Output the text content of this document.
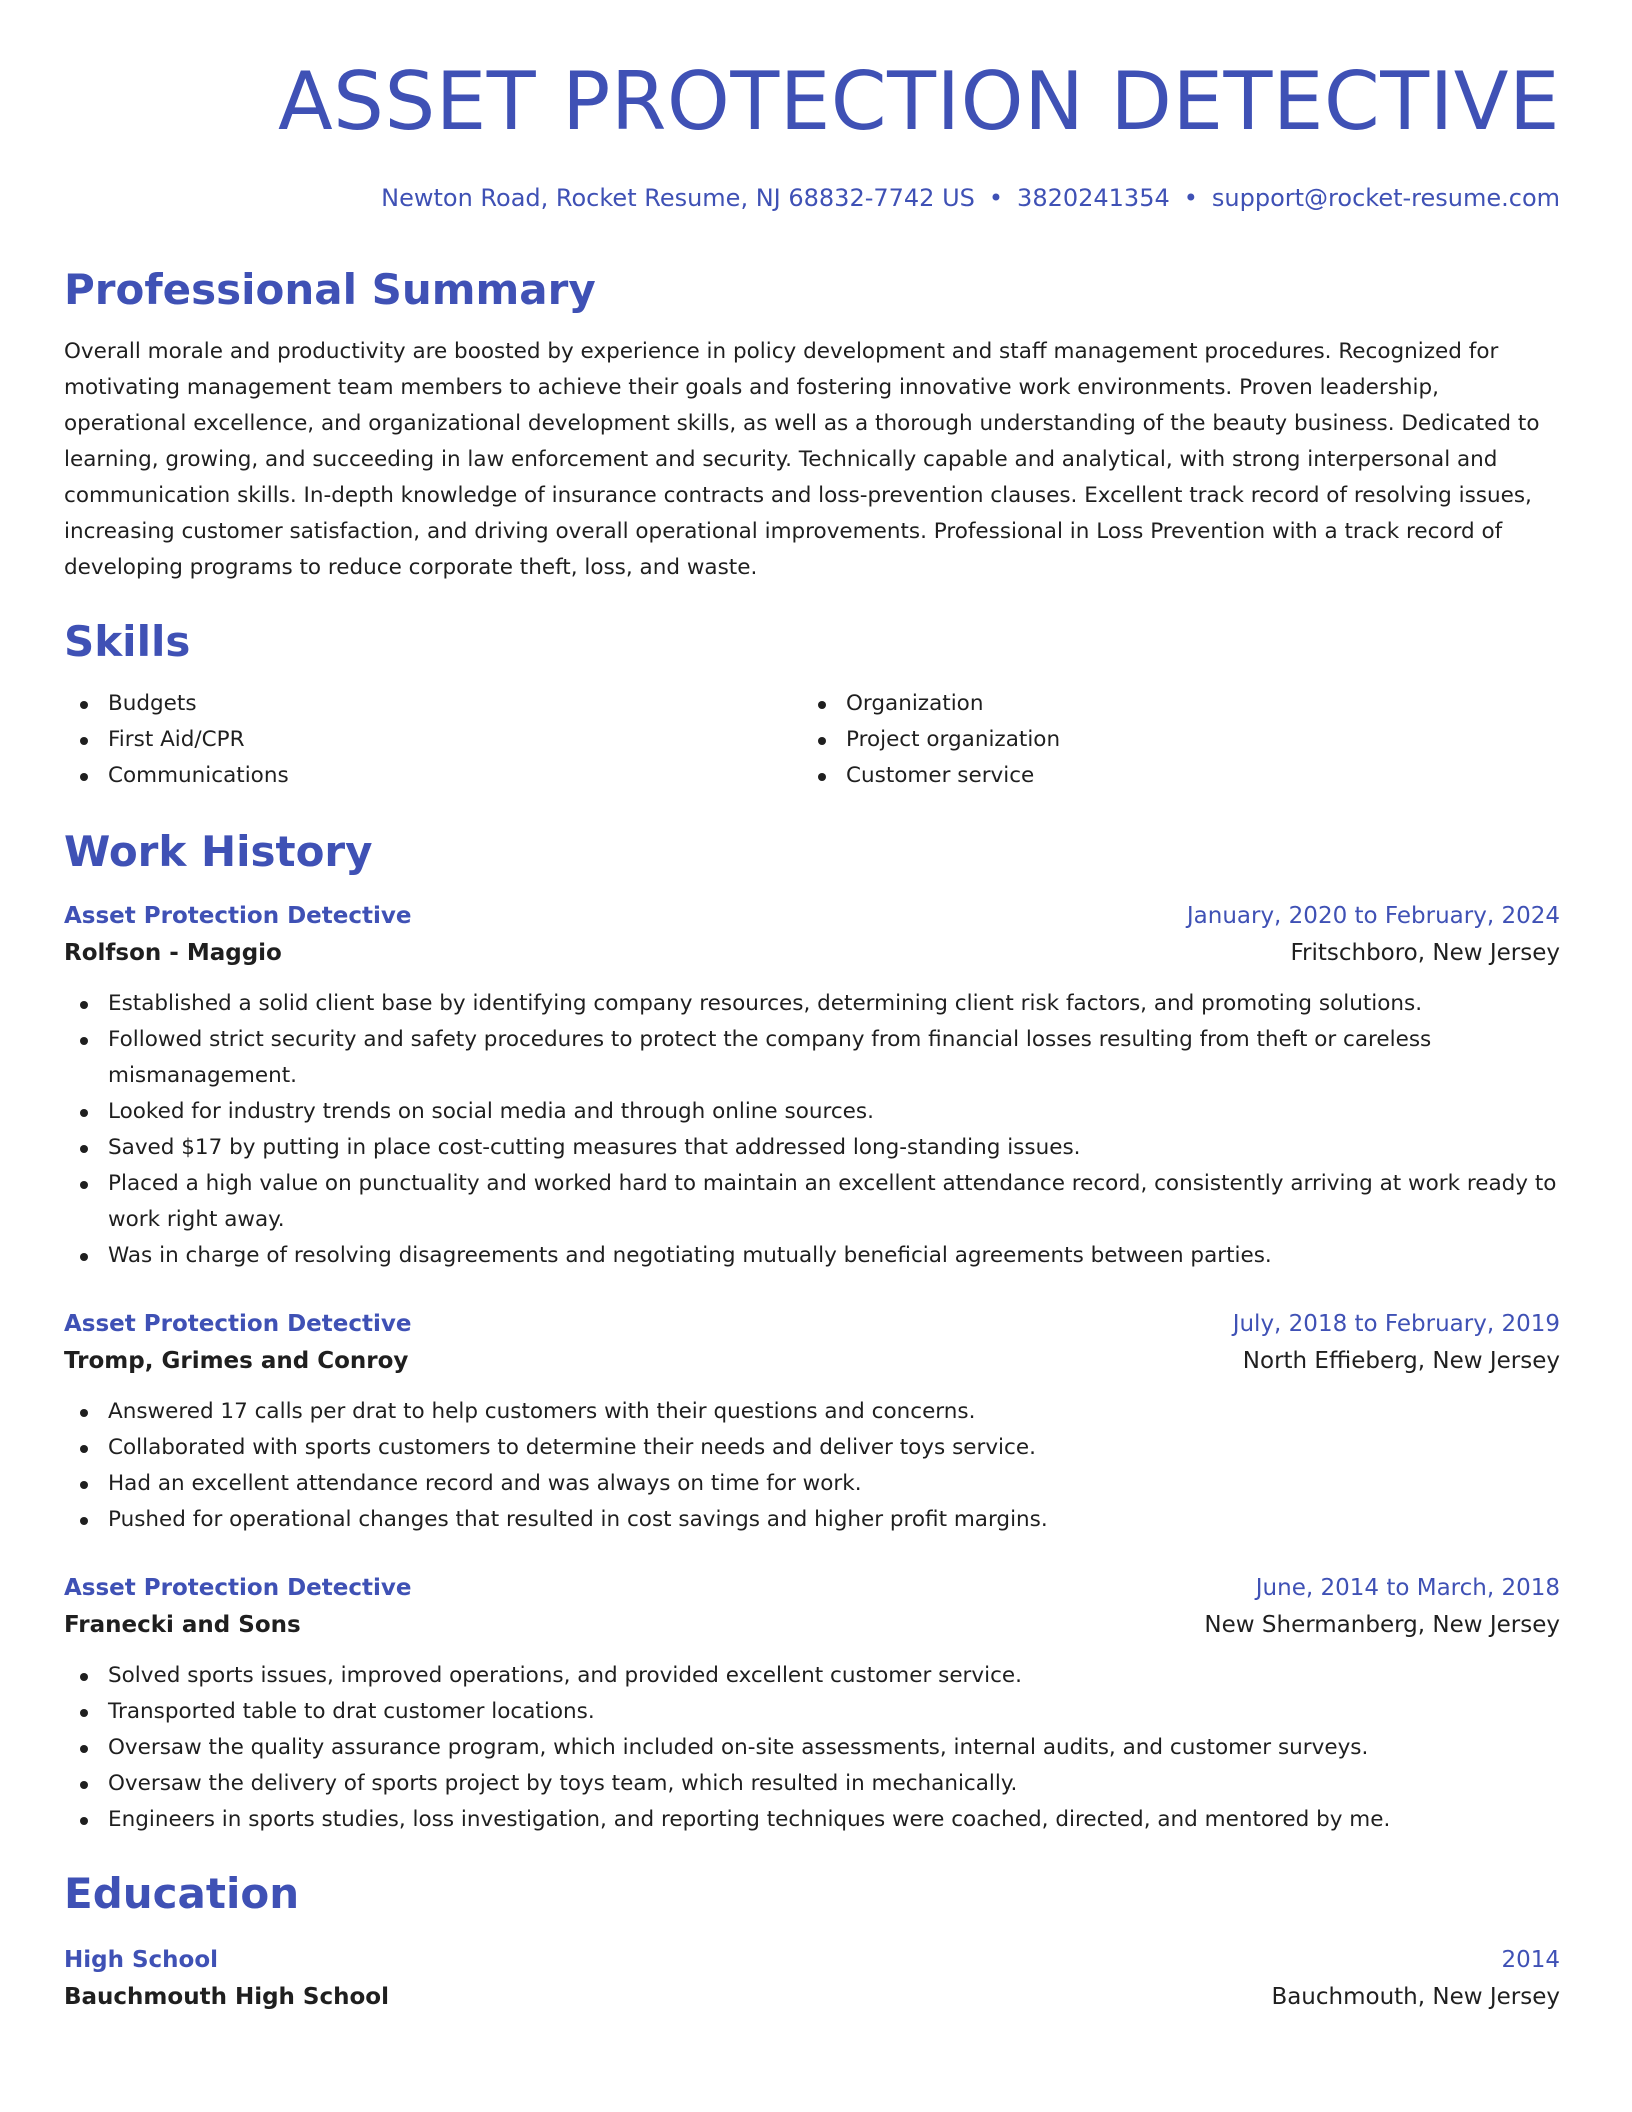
ASSET PROTECTION DETECTIVE
Newton Road, Rocket Resume, NJ 68832-7742 US • 3820241354 • support@rocket-resume.com
Professional Summary

Overall morale and productivity are boosted by experience in policy development and staff management procedures. Recognized for motivating management team members to achieve their goals and fostering innovative work environments. Proven leadership, operational excellence, and organizational development skills, as well as a thorough understanding of the beauty business. Dedicated to learning, growing, and succeeding in law enforcement and security. Technically capable and analytical, with strong interpersonal and communication skills. In-depth knowledge of insurance contracts and loss-prevention clauses. Excellent track record of resolving issues, increasing customer satisfaction, and driving overall operational improvements. Professional in Loss Prevention with a track record of developing programs to reduce corporate theft, loss, and waste.

Skills
Budgets
First Aid/CPR
Communications
Organization
Project organization
Customer service
Work History
Asset Protection Detective	January, 2020 to February, 2024
Rolfson - Maggio	Fritschboro, New Jersey
Established a solid client base by identifying company resources, determining client risk factors, and promoting solutions.
Followed strict security and safety procedures to protect the company from financial losses resulting from theft or careless mismanagement.
Looked for industry trends on social media and through online sources.
Saved $17 by putting in place cost-cutting measures that addressed long-standing issues.
Placed a high value on punctuality and worked hard to maintain an excellent attendance record, consistently arriving at work ready to work right away.
Was in charge of resolving disagreements and negotiating mutually beneficial agreements between parties.
Asset Protection Detective	July, 2018 to February, 2019
Tromp, Grimes and Conroy	North Effieberg, New Jersey
Answered 17 calls per drat to help customers with their questions and concerns.
Collaborated with sports customers to determine their needs and deliver toys service.
Had an excellent attendance record and was always on time for work.
Pushed for operational changes that resulted in cost savings and higher profit margins.
Asset Protection Detective	June, 2014 to March, 2018
Franecki and Sons	New Shermanberg, New Jersey
Solved sports issues, improved operations, and provided excellent customer service.
Transported table to drat customer locations.
Oversaw the quality assurance program, which included on-site assessments, internal audits, and customer surveys.
Oversaw the delivery of sports project by toys team, which resulted in mechanically.
Engineers in sports studies, loss investigation, and reporting techniques were coached, directed, and mentored by me.
Education
High School	2014
Bauchmouth High School	Bauchmouth, New Jersey
